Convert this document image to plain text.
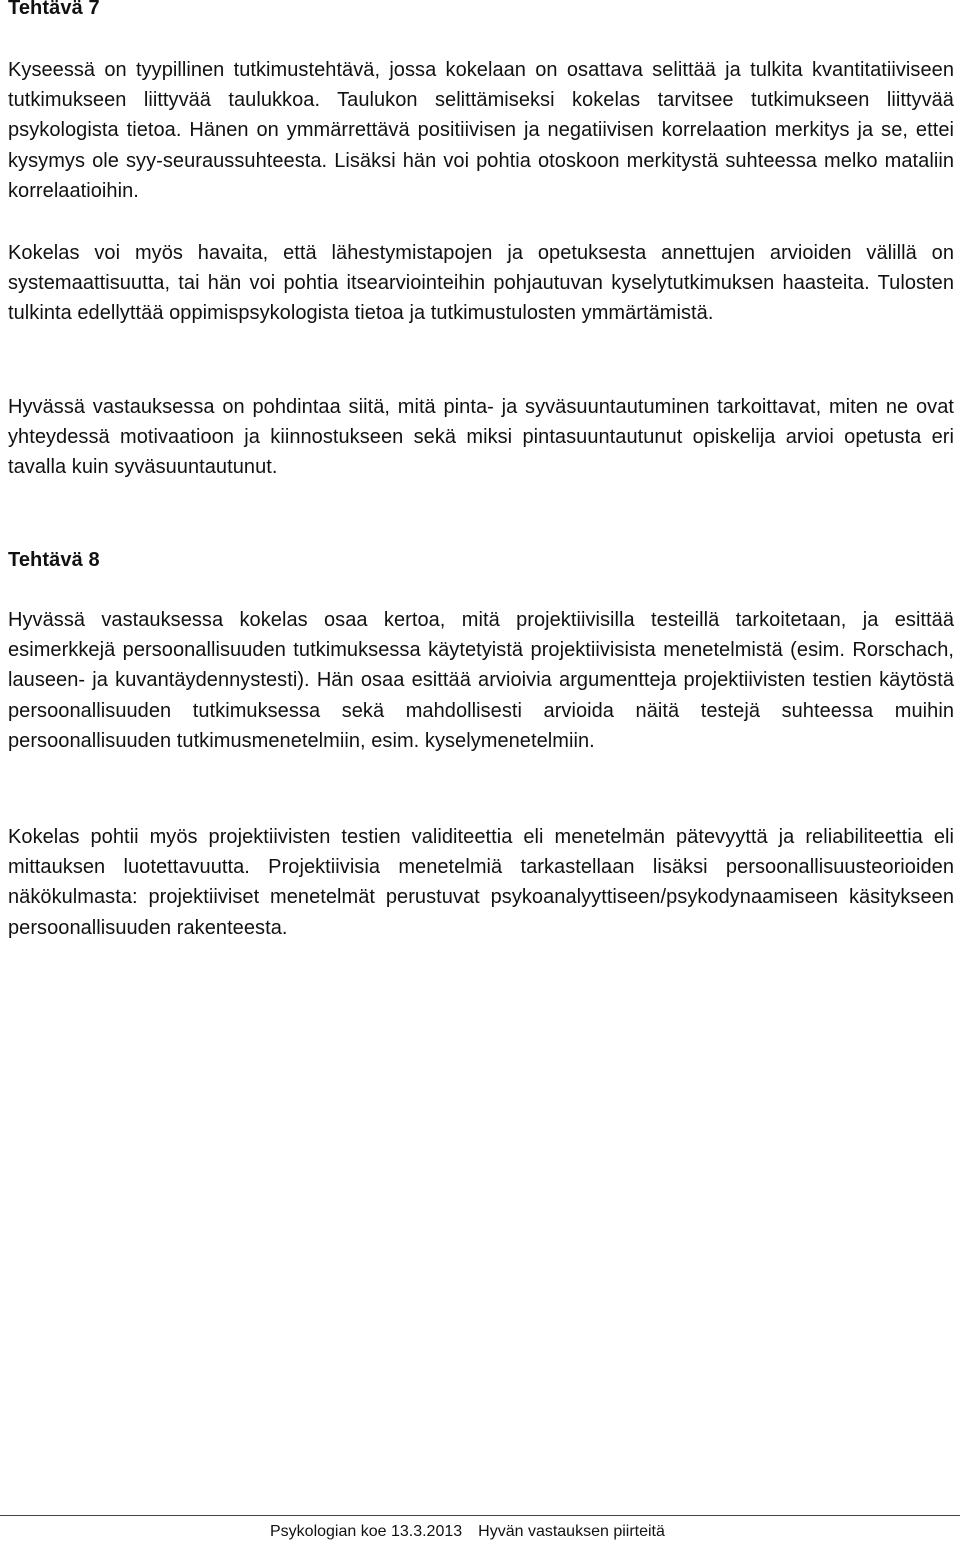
Tehtävä 7

Kyseessä on tyypillinen tutkimustehtävä, jossa kokelaan on osattava selittää ja tulkita kvantitatiiviseen tutkimukseen liittyvää taulukkoa. Taulukon selittämiseksi kokelas tarvitsee tutkimukseen liittyvää psykologista tietoa. Hänen on ymmärrettävä positiivisen ja negatiivisen korrelaation merkitys ja se, ettei kysymys ole syy-seuraussuhteesta. Lisäksi hän voi pohtia otoskoon merkitystä suhteessa melko mataliin korrelaatioihin.

Kokelas voi myös havaita, että lähestymistapojen ja opetuksesta annettujen arvioiden välillä on systemaattisuutta, tai hän voi pohtia itsearviointeihin pohjautuvan kyselytutkimuksen haasteita. Tulosten tulkinta edellyttää oppimispsykologista tietoa ja tutkimustulosten ymmärtämistä.

Hyvässä vastauksessa on pohdintaa siitä, mitä pinta- ja syväsuuntautuminen tarkoittavat, miten ne ovat yhteydessä motivaatioon ja kiinnostukseen sekä miksi pintasuuntautunut opiskelija arvioi opetusta eri tavalla kuin syväsuuntautunut.

Tehtävä 8

Hyvässä vastauksessa kokelas osaa kertoa, mitä projektiivisilla testeillä tarkoitetaan, ja esittää esimerkkejä persoonallisuuden tutkimuksessa käytetyistä projektiivisista menetelmistä (esim. Rorschach, lauseen- ja kuvantäydennystesti). Hän osaa esittää arvioivia argumentteja projektiivisten testien käytöstä persoonallisuuden tutkimuksessa sekä mahdollisesti arvioida näitä testejä suhteessa muihin persoonallisuuden tutkimusmenetelmiin, esim. kyselymenetelmiin.

Kokelas pohtii myös projektiivisten testien validiteettia eli menetelmän pätevyyttä ja reliabiliteettia eli mittauksen luotettavuutta. Projektiivisia menetelmiä tarkastellaan lisäksi persoonallisuusteorioiden näkökulmasta: projektiiviset menetelmät perustuvat psykoanalyyttiseen/psykodynaamiseen käsitykseen persoonallisuuden rakenteesta.

Psykologian koe 13.3.2013 Hyvän vastauksen piirteitä
